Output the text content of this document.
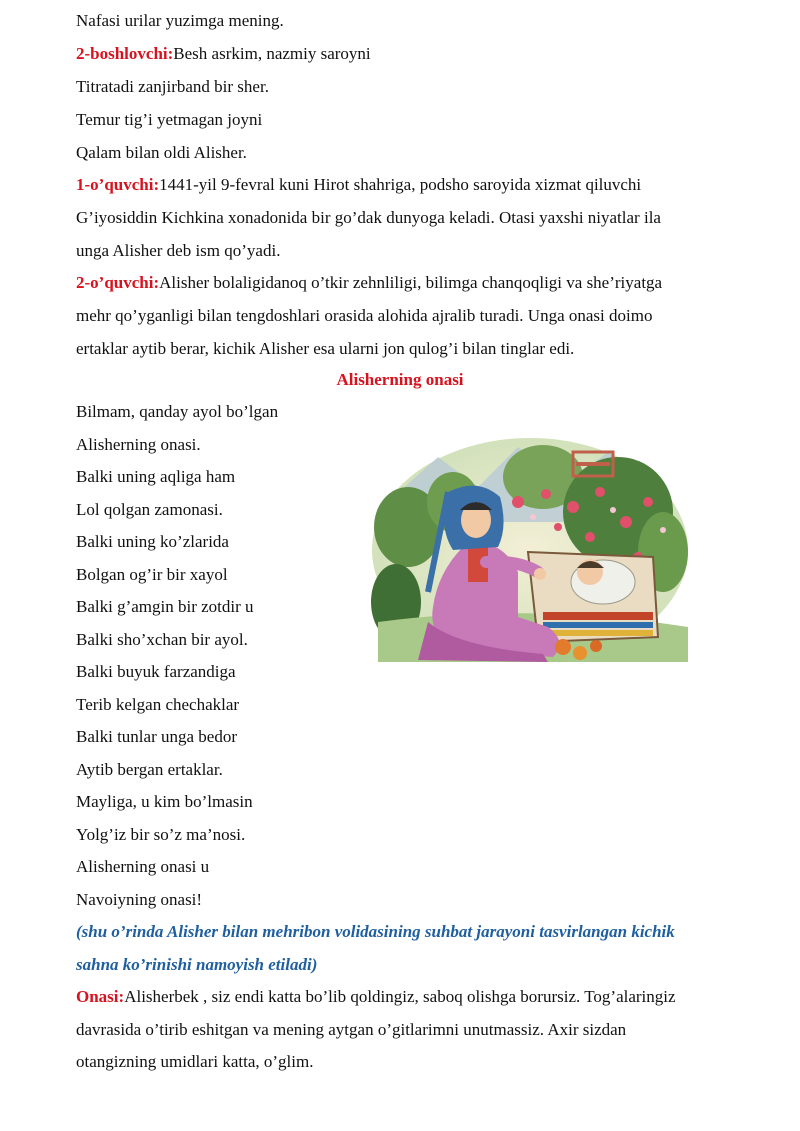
Nafasi urilar yuzimga mening.
2-boshlovchi:Besh asrkim, nazmiy saroyni
Titratadi zanjirband bir sher.
Temur tig’i yetmagan joyni
Qalam bilan oldi Alisher.
1-o’quvchi:1441-yil 9-fevral kuni Hirot shahriga, podsho saroyida xizmat qiluvchi
G’iyosiddin Kichkina xonadonida bir go’dak dunyoga keladi. Otasi yaxshi niyatlar ila
unga Alisher deb ism qo’yadi.
2-o’quvchi:Alisher bolaligidanoq o’tkir zehnliligi, bilimga chanqoqligi va she’riyatga
mehr qo’yganligi bilan tengdoshlari orasida alohida ajralib turadi. Unga onasi doimo
ertaklar aytib berar, kichik Alisher esa ularni jon qulog’i bilan tinglar edi.
Alisherning onasi
Bilmam, qanday ayol bo’lgan
Alisherning onasi.
Balki uning aqliga ham
Lol qolgan zamonasi.
Balki uning ko’zlarida
Bolgan og’ir bir xayol
Balki g’amgin bir zotdir u
Balki sho’xchan bir ayol.
Balki buyuk farzandiga
Terib kelgan chechaklar
Balki tunlar unga bedor
Aytib bergan ertaklar.
Mayliga, u kim bo’lmasin
Yolg’iz bir so’z ma’nosi.
Alisherning onasi u
Navoiyning onasi!
(shu o’rinda Alisher bilan mehribon volidasining suhbat jarayoni tasvirlangan kichik
sahna ko’rinishi namoyish etiladi)
Onasi:Alisherbek , siz endi katta bo’lib qoldingiz, saboq olishga borursiz. Tog’alaringiz
davrasida o’tirib eshitgan va mening aytgan o’gitlarimni unutmassiz. Axir sizdan
otangizning umidlari katta, o’glim.
